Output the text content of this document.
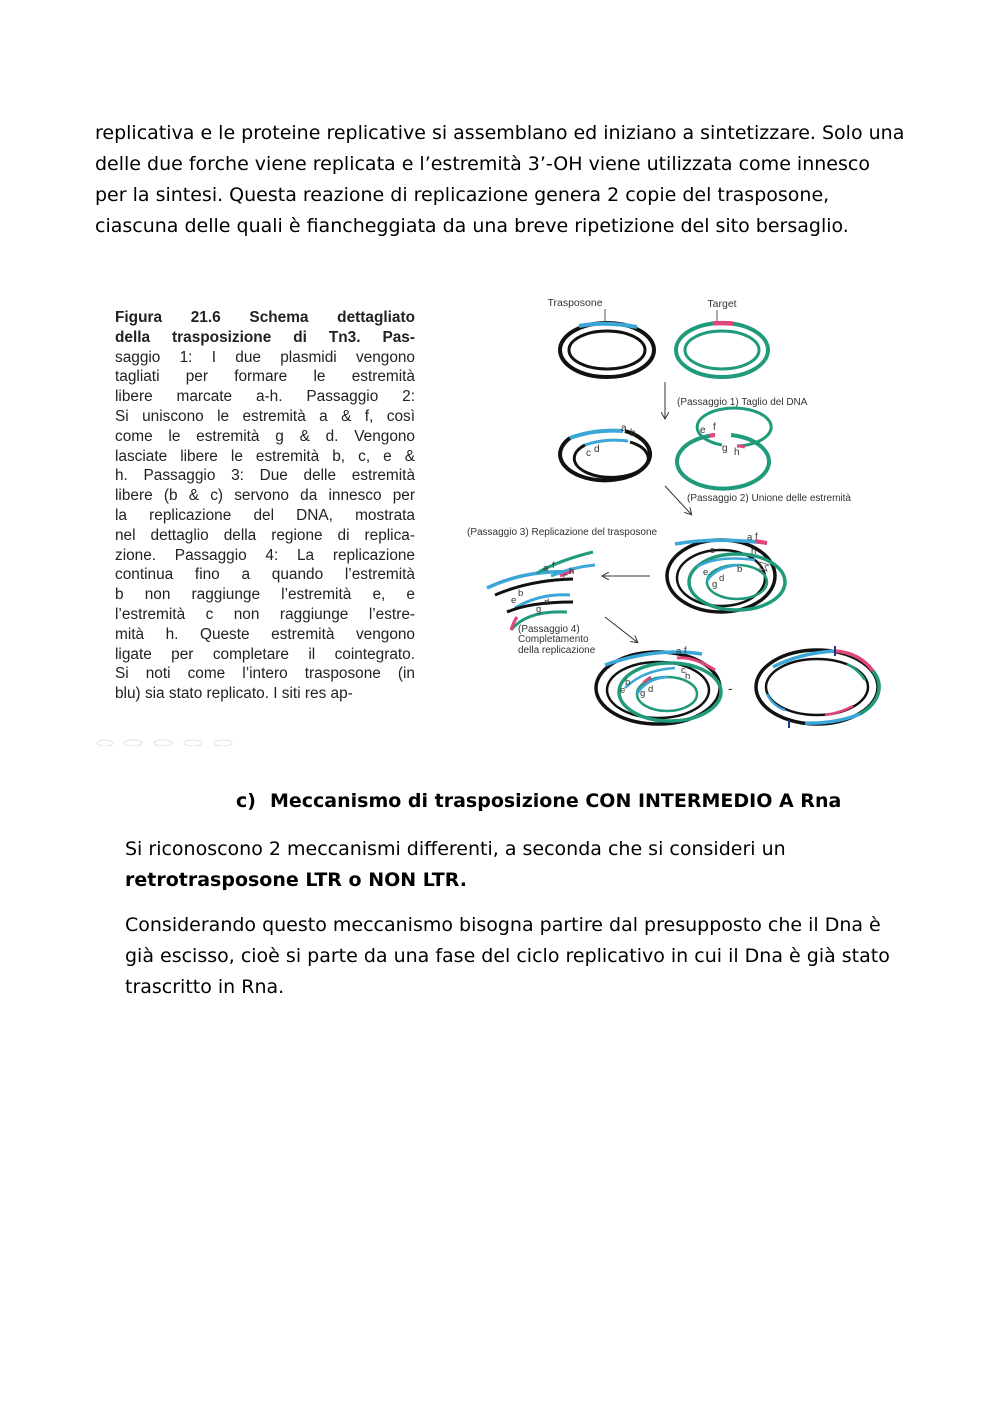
replicativa e le proteine replicative si assemblano ed iniziano a sintetizzare. Solo una
delle due forche viene replicata e l’estremità 3’-OH viene utilizzata come innesco
per la sintesi. Questa reazione di replicazione genera 2 copie del trasposone,
ciascuna delle quali è fiancheggiata da una breve ripetizione del sito bersaglio.
Figura 21.6 Schema dettagliato
della trasposizione di Tn3. Pas-
saggio 1: I due plasmidi vengono
tagliati per formare le estremità
libere marcate a-h. Passaggio 2:
Si uniscono le estremità a & f, così
come le estremità g & d. Vengono
lasciate libere le estremità b, c, e &
h. Passaggio 3: Due delle estremità
libere (b & c) servono da innesco per
la replicazione del DNA, mostrata
nel dettaglio della regione di replica-
zione. Passaggio 4: La replicazione
continua fino a quando l’estremità
b non raggiunge l’estremità e, e
l’estremità c non raggiunge l’estre-
mità h. Queste estremità vengono
ligate per completare il cointegrato.
Si noti come l’intero trasposone (in
blu) sia stato replicato. I siti res ap-
Trasposone	Target
(Passaggio 1) Taglio del DNA
a b
c d
e f
g h
(Passaggio 2) Unione delle estremità
(Passaggio 3) Replicazione del trasposone	a f
c	h
e	b
g
d
a f
c h
b
e
g
d
(Passaggio 4)
Completamento
della replicazione	a f
c
h
b
e g d	-
c) Meccanismo di trasposizione CON INTERMEDIO A Rna
Si riconoscono 2 meccanismi differenti, a seconda che si consideri un
retrotrasposone LTR o NON LTR.
Considerando questo meccanismo bisogna partire dal presupposto che il Dna è
già escisso, cioè si parte da una fase del ciclo replicativo in cui il Dna è già stato
trascritto in Rna.
